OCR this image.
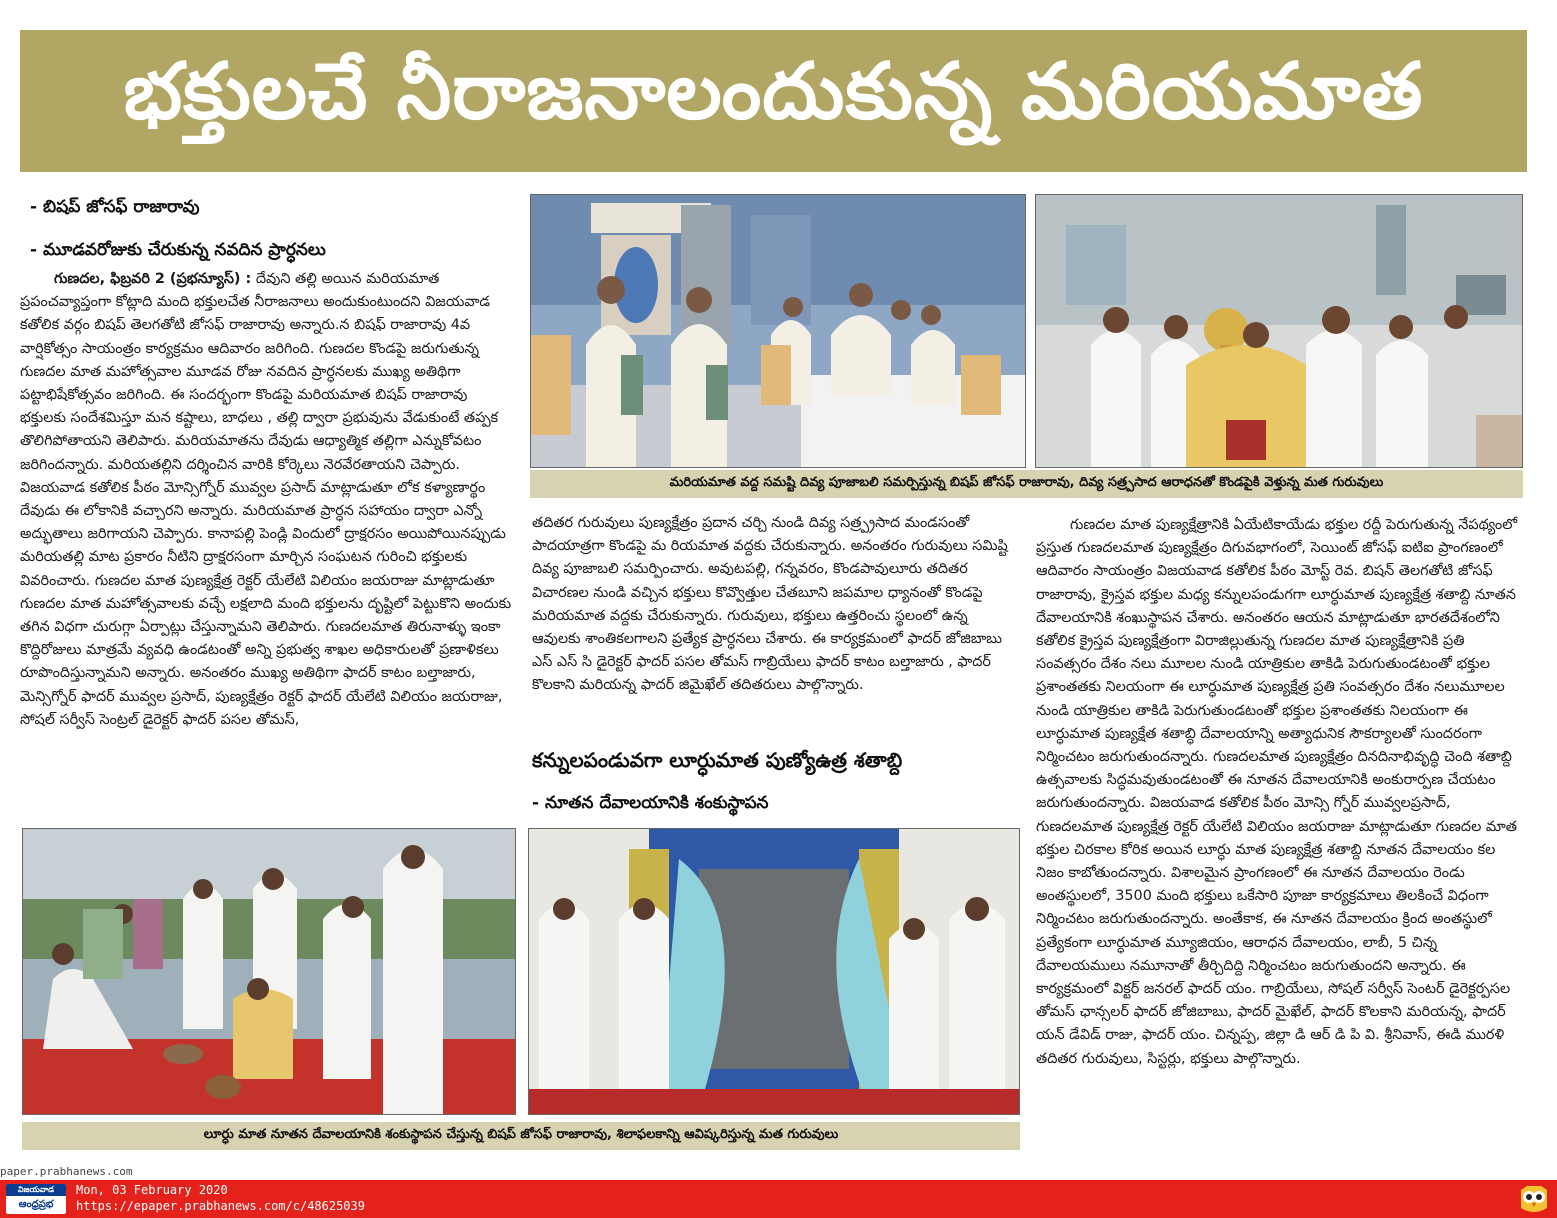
భక్తులచే నీరాజనాలందుకున్న మరియమాత
- బిషప్ జోసఫ్ రాజారావు
- మూడవరోజుకు చేరుకున్న నవదిన ప్రార్ధనలు

గుణదల, ఫిబ్రవరి 2 (ప్రభన్యూస్) : దేవుని తల్లి అయిన మరియమాత ప్రపంచవ్యాప్తంగా కోట్లాది మంది భక్తులచేత నీరాజనాలు అందుకుంటుందని విజయవాడ కతోలిక వర్గం బిషప్ తెలగతోటి జోసఫ్ రాజారావు అన్నారు.న బిషఫ్ రాజారావు 4వ వార్షికోత్సం సాయంత్రం కార్యక్రమం ఆదివారం జరిగింది. గుణదల కొండపై జరుగుతున్న గుణదల మాత మహోత్సవాల మూడవ రోజు నవదిన ప్రార్ధనలకు ముఖ్య అతిథిగా పట్టాభిషేకోత్సవం జరిగింది. ఈ సందర్భంగా కొండపై మరియమాత బిషప్ రాజారావు భక్తులకు సందేశమిస్తూ మన కష్టాలు, బాధలు , తల్లి ద్వారా ప్రభువును వేడుకుంటే తప్పక తొలిగిపోతాయని తెలిపారు. మరియమాతను దేవుడు ఆధ్యాత్మిక తల్లిగా ఎన్నుకోవటం జరిగిందన్నారు. మరియతల్లిని దర్శించిన వారికి కోర్కెలు నెరవేరతాయని చెప్పారు. విజయవాడ కతోలిక పీఠం మోన్సిగ్నోర్ మువ్వల ప్రసాద్ మాట్లాడుతూ లోక కళ్యాణార్థం దేవుడు ఈ లోకానికి వచ్చారని అన్నారు. మరియమాత ప్రార్ధన సహాయం ద్వారా ఎన్నో అద్భుతాలు జరిగాయని చెప్పారు. కానాపల్లి పెండ్లి విందులో ద్రాక్షరసం అయిపోయినప్పుడు మరియతల్లి మాట ప్రకారం నీటిని ద్రాక్షరసంగా మార్చిన సంఘటన గురించి భక్తులకు వివరించారు. గుణదల మాత పుణ్యక్షేత్ర రెక్టర్ యేలేటి విలియం జయరాజు మాట్లాడుతూ గుణదల మాత మహోత్సవాలకు వచ్చే లక్షలాది మంది భక్తులను దృష్టిలో పెట్టుకొని అందుకు తగిన విధగా చురుగ్గా ఏర్పాట్లు చేస్తున్నామని తెలిపారు. గుణదలమాత తిరునాళ్ళు ఇంకా కొద్దిరోజులు మాత్రమే వ్యవధి ఉండటంతో అన్ని ప్రభుత్వ శాఖల అధికారులతో ప్రణాళికలు రూపొందిస్తున్నామని అన్నారు. అనంతరం ముఖ్య అతిథిగా ఫాదర్ కాటం బల్తాజారు, మెన్సిగ్నోర్ ఫాదర్ మువ్వల ప్రసాద్, పుణ్యక్షేత్రం రెక్టర్ ఫాదర్ యేలేటి విలియం జయరాజు, సోషల్ సర్వీస్ సెంట్రల్ డైరెక్టర్ ఫాదర్ పసల తోమస్,

మరియమాత వద్ద సమష్టి దివ్య పూజాబలి సమర్పిస్తున్న బిషప్ జోసఫ్ రాజారావు, దివ్య సత్ర్పసాద ఆరాధనతో కొండపైకి వెళ్తున్న మత గురువులు

తదితర గురువులు పుణ్యక్షేత్రం ప్రదాన చర్చి నుండి దివ్య సత్ర్ప్రసాద మండసంతో పాదయాత్రగా కొండపై మ రియమాత వద్దకు చేరుకున్నారు. అనంతరం గురువులు సమిష్టి దివ్య పూజాబలి సమర్పించారు. అవుటపల్లి, గన్నవరం, కొండపావులూరు తదితర విచారణల నుండి వచ్చిన భక్తులు కొవ్వొత్తుల చేతబూని జపమాల ధ్యానంతో కొండపై మరియమాత వద్దకు చేరుకున్నారు. గురువులు, భక్తులు ఉత్తరించు స్థలంలో ఉన్న ఆవులకు శాంతికలగాలని ప్రత్యేక ప్రార్ధనలు చేశారు. ఈ కార్యక్రమంలో ఫాదర్ జోజిబాబు ఎస్ ఎస్ సి డైరెక్టర్ ఫాదర్ పసల తోమస్ గాబ్రియేలు ఫాదర్ కాటం బల్తాజారు , ఫాదర్ కొలకాని మరియన్న ఫాదర్ జిమైఖేల్ తదితరులు పాల్గొన్నారు.

కన్నులపండువగా లూర్ధుమాత పుణ్యోఉత్ర శతాబ్ది
- నూతన దేవాలయానికి శంకుస్థాపన

గుణదల మాత పుణ్యక్షేత్రానికి ఏయేటికాయేడు భక్తుల రద్దీ పెరుగుతున్న నేపథ్యంలో ప్రస్తుత గుణదలమాత పుణ్యక్షేత్రం దిగువభాగంలో, సెయింట్ జోసఫ్ ఐటిఐ ప్రాంగణంలో ఆదివారం సాయంత్రం విజయవాడ కతోలిక పీఠం మోస్ట్ రెవ. బిషన్ తెలగతోటి జోసఫ్ రాజారావు, క్రైస్తవ భక్తుల మధ్య కన్నులపండుగగా లూర్ధుమాత పుణ్యక్షేత్ర శతాబ్ది నూతన దేవాలయానికి శంఖుస్థాపన చేశారు. అనంతరం ఆయన మాట్లాడుతూ భారతదేశంలోని కతోలిక క్రైస్తవ పుణ్యక్షేత్రంగా విరాజిల్లుతున్న గుణదల మాత పుణ్యక్షేత్రానికి ప్రతి సంవత్సరం దేశం నలు మూలల నుండి యాత్రికుల తాకిడి పెరుగుతుండటంతో భక్తుల ప్రశాంతతకు నిలయంగా ఈ లూర్ధుమాత పుణ్యక్షేత్ర ప్రతి సంవత్సరం దేశం నలుమూలల నుండి యాత్రికుల తాకిడి పెరుగుతుండటంతో భక్తుల ప్రశాంతతకు నిలయంగా ఈ లూర్ధుమాత పుణ్యక్షేత శతాబ్ధి దేవాలయాన్ని అత్యాధునిక సౌకర్యాలతో సుందరంగా నిర్మించటం జరుగుతుందన్నారు. గుణదలమాత పుణ్యక్షేత్రం దినదినాభివృద్ధి చెంది శతాబ్ది ఉత్సవాలకు సిద్ధమవుతుండటంతో ఈ నూతన దేవాలయానికి అంకురార్పణ చేయటం జరుగుతుందన్నారు. విజయవాడ కతోలిక పీఠం మోన్సి గ్నోర్ మువ్వలప్రసాద్, గుణదలమాత పుణ్యక్షేత్ర రెక్టర్ యేలేటి విలియం జయరాజు మాట్లాడుతూ గుణదల మాత భక్తుల చిరకాల కోరిక అయిన లూర్ధు మాత పుణ్యక్షేత్ర శతాబ్ది నూతన దేవాలయం కల నిజం కాబోతుందన్నారు. విశాలమైన ప్రాంగణంలో ఈ నూతన దేవాలయం రెండు అంతస్థులలో, 3500 మంది భక్తులు ఒకేసారి పూజా కార్యక్రమాలు తిలకించే విధంగా నిర్మించటం జరుగుతుందన్నారు. అంతేకాక, ఈ నూతన దేవాలయం క్రింద అంతస్థులో ప్రత్యేకంగా లూర్ధుమాత మ్యూజియం, ఆరాధన దేవాలయం, లాబీ, 5 చిన్న దేవాలయములు నమూనాతో తీర్చిదిద్ది నిర్మించటం జరుగుతుందని అన్నారు. ఈ కార్యక్రమంలో విక్టర్ జనరల్ ఫాదర్ యం. గాబ్రియేలు, సోషల్ సర్వీస్ సెంటర్ డైరెక్టర్పసల తోమస్ ఛాన్సలర్ ఫాదర్ జోజిబాబు, ఫాదర్ మైఖేల్, ఫాదర్ కొలకాని మరియన్న, ఫాదర్ యన్ డేవిడ్ రాజు, ఫాదర్ యం. చిన్నప్ప, జిల్లా డి ఆర్ డి పి వి. శ్రీనివాస్, ఈడి మురళి తదితర గురువులు, సిస్టర్లు, భక్తులు పాల్గొన్నారు.

లూర్ధు మాత నూతన దేవాలయానికి శంకుస్థాపన చేస్తున్న బిషప్ జోసఫ్ రాజారావు, శిలాఫలకాన్ని ఆవిష్కరిస్తున్న మత గురువులు
paper.prabhanews.com
విజయవాడ
ఆంధ్రప్రభ
Mon, 03 February 2020
https://epaper.prabhanews.com/c/48625039
